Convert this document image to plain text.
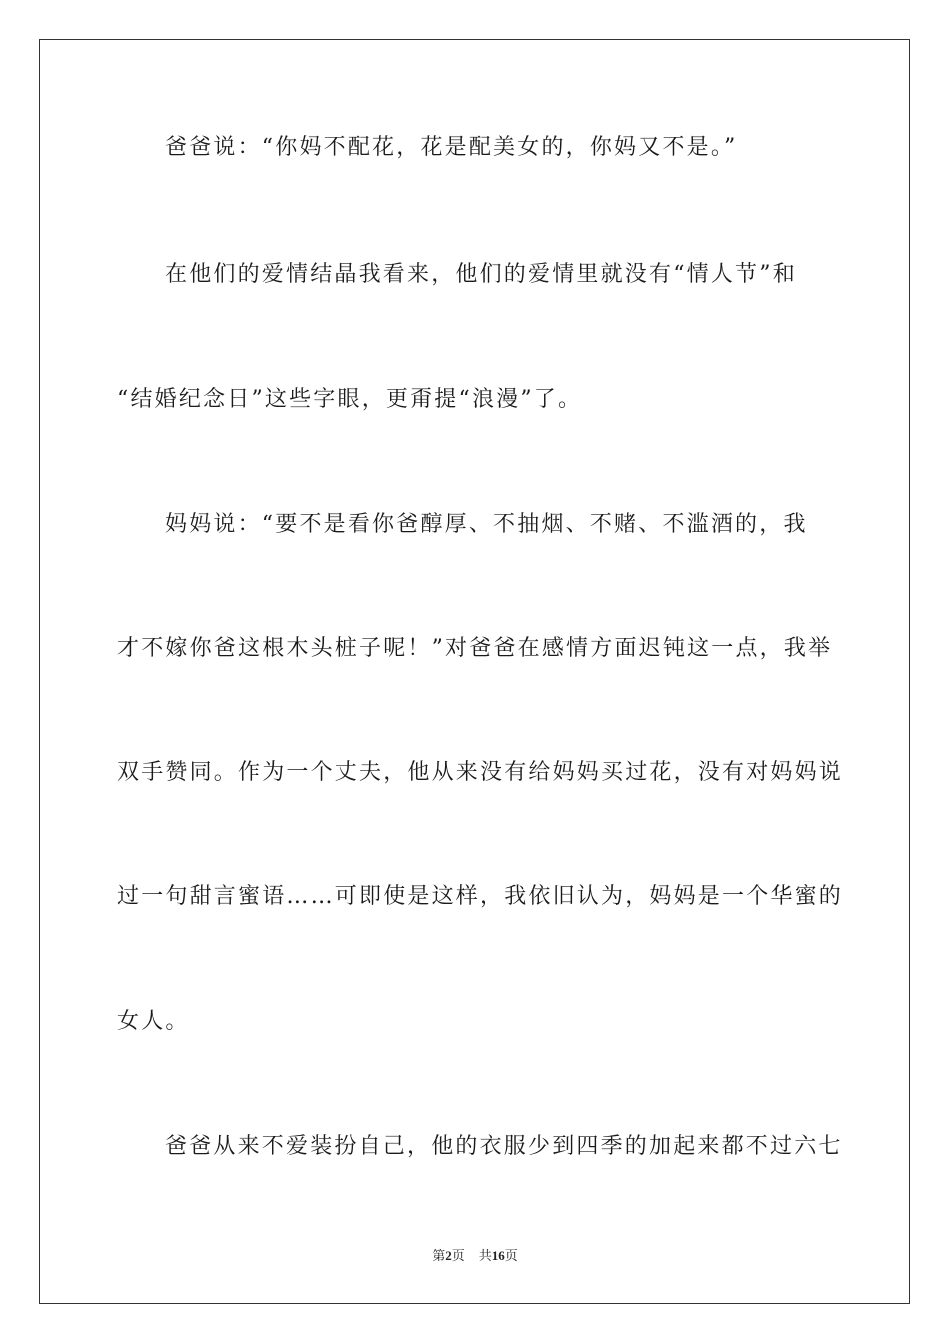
爸爸说：“你妈不配花，花是配美女的，你妈又不是。”
在他们的爱情结晶我看来，他们的爱情里就没有“情人节”和
“结婚纪念日”这些字眼，更甭提“浪漫”了。
妈妈说：“要不是看你爸醇厚、不抽烟、不赌、不滥酒的，我
才不嫁你爸这根木头桩子呢！”对爸爸在感情方面迟钝这一点，我举
双手赞同。作为一个丈夫，他从来没有给妈妈买过花，没有对妈妈说
过一句甜言蜜语……可即使是这样，我依旧认为，妈妈是一个华蜜的
女人。
爸爸从来不爱装扮自己，他的衣服少到四季的加起来都不过六七
第2页 共16页
